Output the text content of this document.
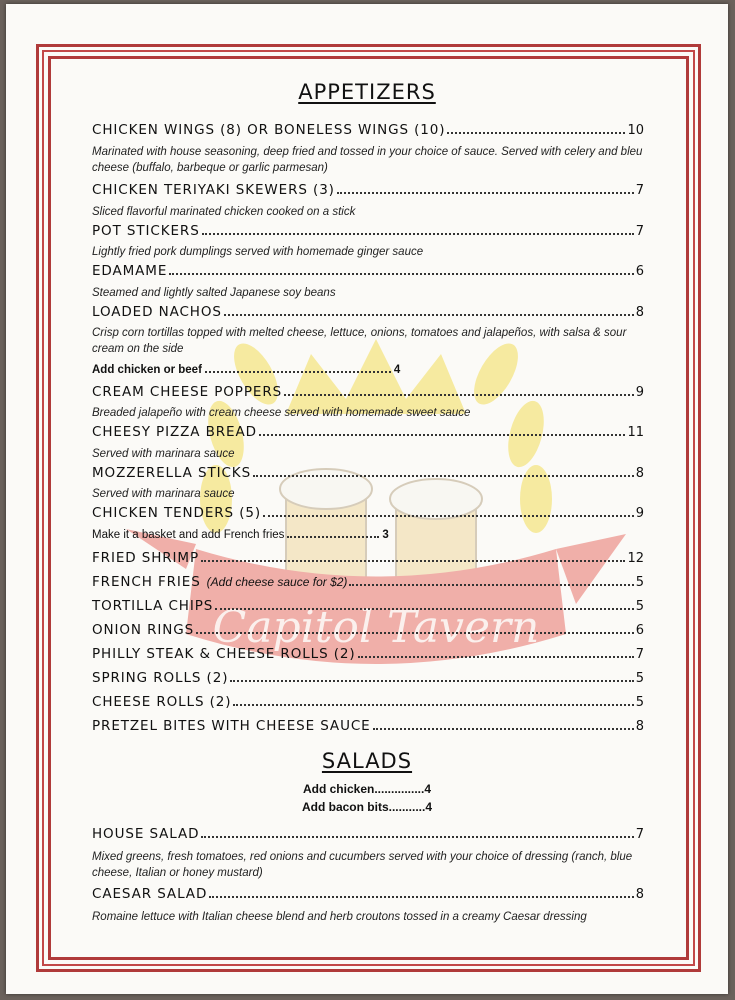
Capitol Tavern
APPETIZERS
CHICKEN WINGS (8) OR BONELESS WINGS (10)	10
Marinated with house seasoning, deep fried and tossed in your choice of sauce. Served with celery and bleu cheese (buffalo, barbeque or garlic parmesan)
CHICKEN TERIYAKI SKEWERS (3)	7
Sliced flavorful marinated chicken cooked on a stick
POT STICKERS	7
Lightly fried pork dumplings served with homemade ginger sauce
EDAMAME	6
Steamed and lightly salted Japanese soy beans
LOADED NACHOS	8
Crisp corn tortillas topped with melted cheese, lettuce, onions, tomatoes and jalapeños, with salsa & sour cream on the side
CREAM CHEESE POPPERS	9
Breaded jalapeño with cream cheese served with homemade sweet sauce
CHEESY PIZZA BREAD	11
Served with marinara sauce
MOZZERELLA STICKS	8
Served with marinara sauce
CHICKEN TENDERS (5)	9
FRIED SHRIMP	12
FRENCH FRIES (Add cheese sauce for $2)	5
TORTILLA CHIPS	5
ONION RINGS	6
PHILLY STEAK & CHEESE ROLLS (2)	7
SPRING ROLLS (2)	5
CHEESE ROLLS (2)	5
PRETZEL BITES WITH CHEESE SAUCE	8
Add chicken or beef	4
Make it a basket and add French fries	3
SALADS
Add chicken...............4
Add bacon bits...........4
HOUSE SALAD	7
Mixed greens, fresh tomatoes, red onions and cucumbers served with your choice of dressing (ranch, blue cheese, Italian or honey mustard)
CAESAR SALAD	8
Romaine lettuce with Italian cheese blend and herb croutons tossed in a creamy Caesar dressing
